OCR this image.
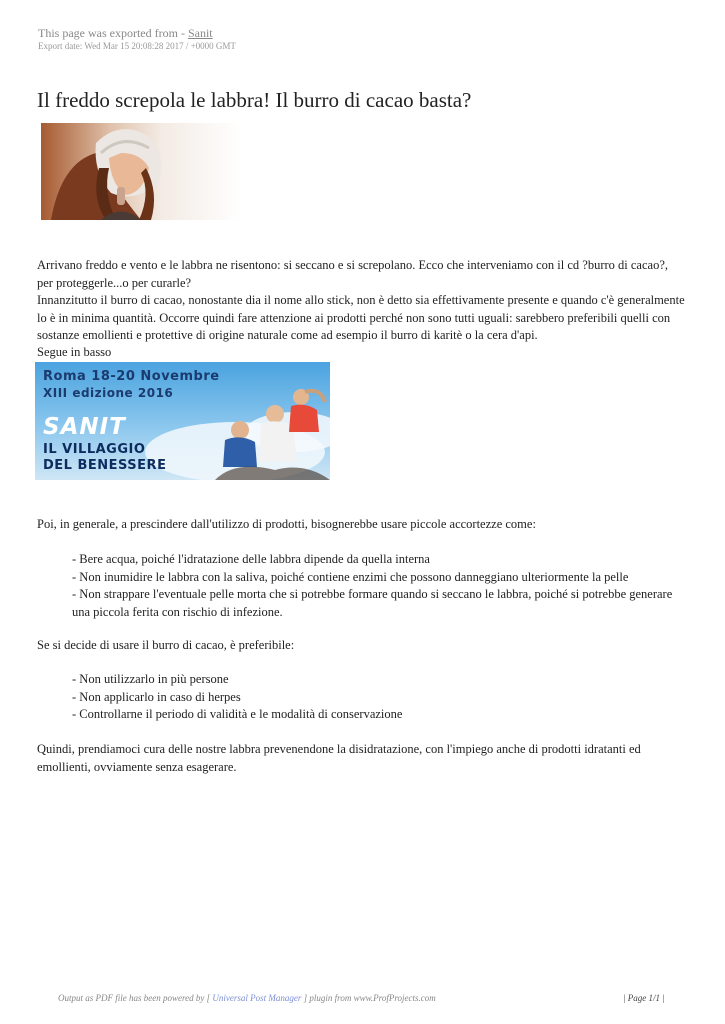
This page was exported from - Sanit
Export date: Wed Mar 15 20:08:28 2017 / +0000 GMT
Il freddo screpola le labbra! Il burro di cacao basta?

Arrivano freddo e vento e le labbra ne risentono: si seccano e si screpolano. Ecco che interveniamo con il cd ?burro di cacao?, per proteggerle...o per curarle?

Innanzitutto il burro di cacao, nonostante dia il nome allo stick, non è detto sia effettivamente presente e quando c'è generalmente lo è in minima quantità. Occorre quindi fare attenzione ai prodotti perché non sono tutti uguali: sarebbero preferibili quelli con sostanze emollienti e protettive di origine naturale come ad esempio il burro di karitè o la cera d'api.

Segue in basso

Roma 18-20 Novembre
XIII edizione 2016
SANIT
IL VILLAGGIO
DEL BENESSERE

Poi, in generale, a prescindere dall'utilizzo di prodotti, bisognerebbe usare piccole accortezze come:

- Bere acqua, poiché l'idratazione delle labbra dipende da quella interna
- Non inumidire le labbra con la saliva, poiché contiene enzimi che possono danneggiano ulteriormente la pelle
- Non strappare l'eventuale pelle morta che si potrebbe formare quando si seccano le labbra, poiché si potrebbe generare una piccola ferita con rischio di infezione.

Se si decide di usare il burro di cacao, è preferibile:

- Non utilizzarlo in più persone
- Non applicarlo in caso di herpes
- Controllarne il periodo di validità e le modalità di conservazione

Quindi, prendiamoci cura delle nostre labbra prevenendone la disidratazione, con l'impiego anche di prodotti idratanti ed emollienti, ovviamente senza esagerare.

Output as PDF file has been powered by [ Universal Post Manager ] plugin from www.ProfProjects.com	| Page 1/1 |
